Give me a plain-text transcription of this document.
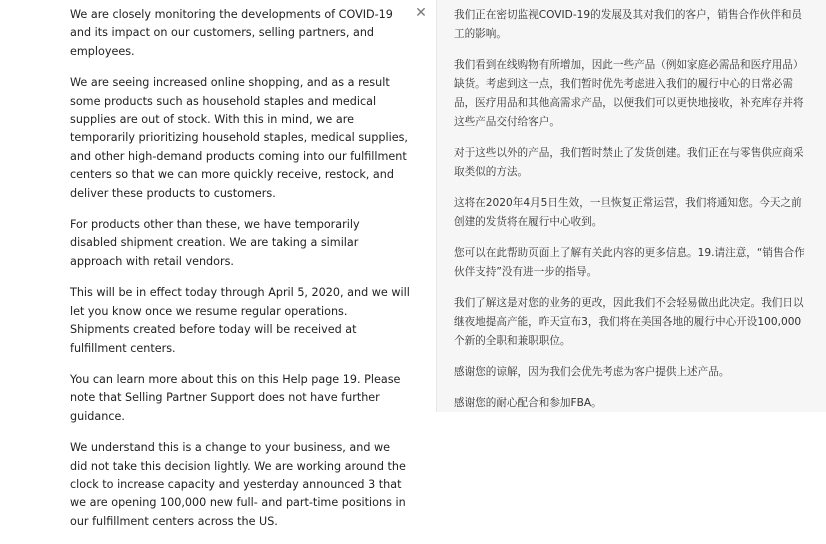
We are closely monitoring the developments of COVID-19 and its impact on our customers, selling partners, and employees.

We are seeing increased online shopping, and as a result some products such as household staples and medical supplies are out of stock. With this in mind, we are temporarily prioritizing household staples, medical supplies, and other high-demand products coming into our fulfillment centers so that we can more quickly receive, restock, and deliver these products to customers.

For products other than these, we have temporarily disabled shipment creation. We are taking a similar approach with retail vendors.

This will be in effect today through April 5, 2020, and we will let you know once we resume regular operations. Shipments created before today will be received at fulfillment centers.

You can learn more about this on this Help page 19. Please note that Selling Partner Support does not have further guidance.

We understand this is a change to your business, and we did not take this decision lightly. We are working around the clock to increase capacity and yesterday announced 3 that we are opening 100,000 new full- and part-time positions in our fulfillment centers across the US.

✕	我们正在密切监视COVID-19的发展及其对我们的客户，销售合作伙伴和员工的影响。

我们看到在线购物有所增加，因此一些产品（例如家庭必需品和医疗用品）缺货。考虑到这一点，我们暂时优先考虑进入我们的履行中心的日常必需品，医疗用品和其他高需求产品，以便我们可以更快地接收，补充库存并将这些产品交付给客户。

对于这些以外的产品，我们暂时禁止了发货创建。我们正在与零售供应商采取类似的方法。

这将在2020年4月5日生效，一旦恢复正常运营，我们将通知您。今天之前创建的发货将在履行中心收到。

您可以在此帮助页面上了解有关此内容的更多信息。19.请注意，“销售合作伙伴支持”没有进一步的指导。

我们了解这是对您的业务的更改，因此我们不会轻易做出此决定。我们日以继夜地提高产能，昨天宣布3，我们将在美国各地的履行中心开设100,000个新的全职和兼职职位。

感谢您的谅解，因为我们会优先考虑为客户提供上述产品。

感谢您的耐心配合和参加FBA。
